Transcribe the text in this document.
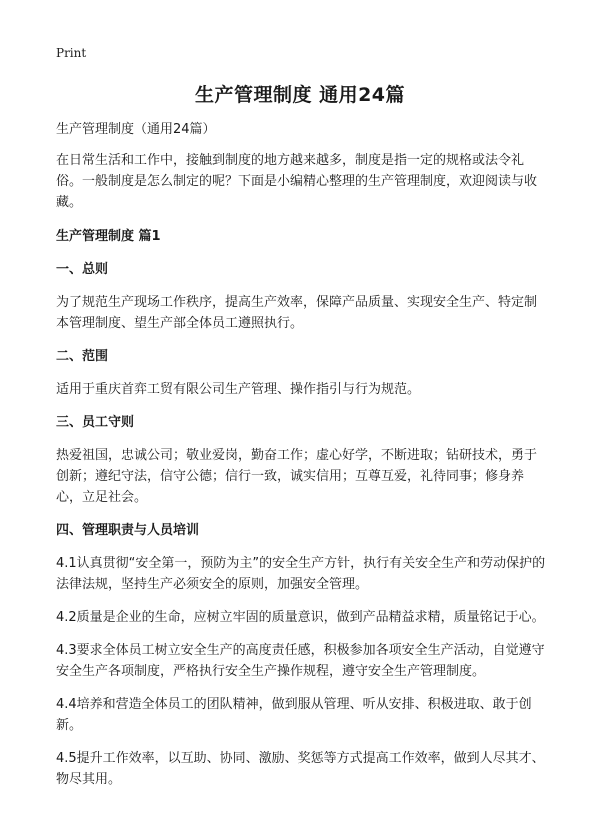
Print
生产管理制度 通用24篇

生产管理制度（通用24篇）

在日常生活和工作中，接触到制度的地方越来越多，制度是指一定的规格或法令礼俗。一般制度是怎么制定的呢？下面是小编精心整理的生产管理制度，欢迎阅读与收藏。

生产管理制度 篇1

一、总则

为了规范生产现场工作秩序，提高生产效率，保障产品质量、实现安全生产、特定制本管理制度、望生产部全体员工遵照执行。

二、范围

适用于重庆首弈工贸有限公司生产管理、操作指引与行为规范。

三、员工守则

热爱祖国，忠诚公司；敬业爱岗，勤奋工作；虚心好学，不断进取；钻研技术，勇于创新；遵纪守法，信守公德；信行一致，诚实信用；互尊互爱，礼待同事；修身养心，立足社会。

四、管理职责与人员培训

4.1认真贯彻“安全第一，预防为主”的安全生产方针，执行有关安全生产和劳动保护的法律法规，坚持生产必须安全的原则，加强安全管理。

4.2质量是企业的生命，应树立牢固的质量意识，做到产品精益求精，质量铭记于心。

4.3要求全体员工树立安全生产的高度责任感，积极参加各项安全生产活动，自觉遵守安全生产各项制度，严格执行安全生产操作规程，遵守安全生产管理制度。

4.4培养和营造全体员工的团队精神，做到服从管理、听从安排、积极进取、敢于创新。

4.5提升工作效率，以互助、协同、激励、奖惩等方式提高工作效率，做到人尽其才、物尽其用。
